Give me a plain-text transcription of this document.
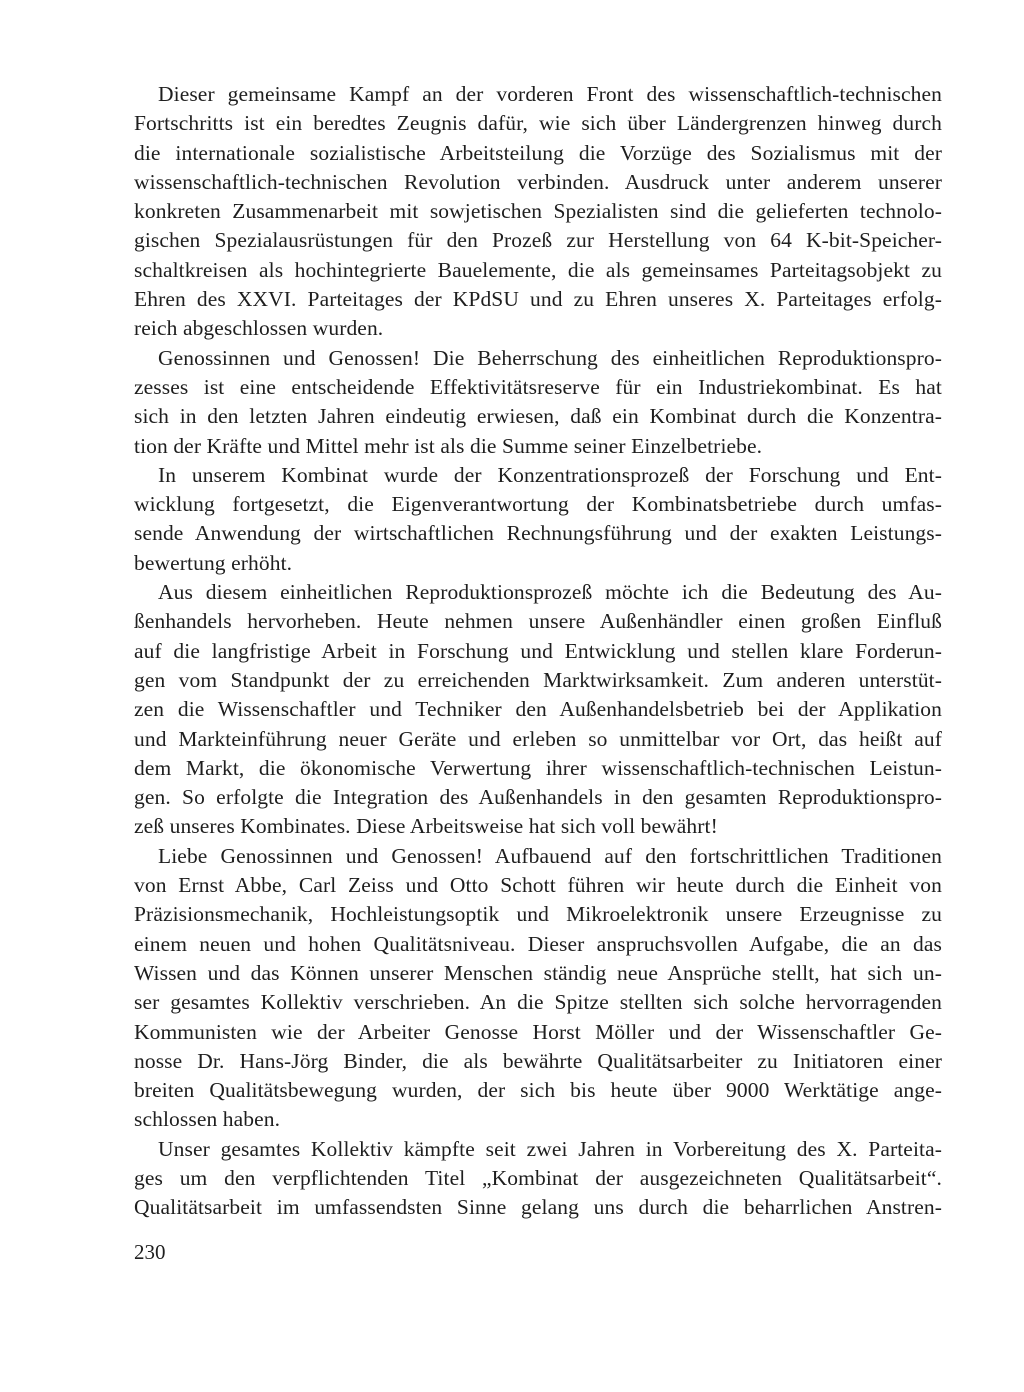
Dieser gemeinsame Kampf an der vorderen Front des wissenschaftlich-technischen
Fortschritts ist ein beredtes Zeugnis dafür, wie sich über Ländergrenzen hinweg durch
die internationale sozialistische Arbeitsteilung die Vorzüge des Sozialismus mit der
wissenschaftlich-technischen Revolution verbinden. Ausdruck unter anderem unserer
konkreten Zusammenarbeit mit sowjetischen Spezialisten sind die gelieferten technolo-
gischen Spezialausrüstungen für den Prozeß zur Herstellung von 64 K-bit-Speicher-
schaltkreisen als hochintegrierte Bauelemente, die als gemeinsames Parteitagsobjekt zu
Ehren des XXVI. Parteitages der KPdSU und zu Ehren unseres X. Parteitages erfolg-
reich abgeschlossen wurden.

Genossinnen und Genossen! Die Beherrschung des einheitlichen Reproduktionspro-
zesses ist eine entscheidende Effektivitätsreserve für ein Industriekombinat. Es hat
sich in den letzten Jahren eindeutig erwiesen, daß ein Kombinat durch die Konzentra-
tion der Kräfte und Mittel mehr ist als die Summe seiner Einzelbetriebe.

In unserem Kombinat wurde der Konzentrationsprozeß der Forschung und Ent-
wicklung fortgesetzt, die Eigenverantwortung der Kombinatsbetriebe durch umfas-
sende Anwendung der wirtschaftlichen Rechnungsführung und der exakten Leistungs-
bewertung erhöht.

Aus diesem einheitlichen Reproduktionsprozeß möchte ich die Bedeutung des Au-
ßenhandels hervorheben. Heute nehmen unsere Außenhändler einen großen Einfluß
auf die langfristige Arbeit in Forschung und Entwicklung und stellen klare Forderun-
gen vom Standpunkt der zu erreichenden Marktwirksamkeit. Zum anderen unterstüt-
zen die Wissenschaftler und Techniker den Außenhandelsbetrieb bei der Applikation
und Markteinführung neuer Geräte und erleben so unmittelbar vor Ort, das heißt auf
dem Markt, die ökonomische Verwertung ihrer wissenschaftlich-technischen Leistun-
gen. So erfolgte die Integration des Außenhandels in den gesamten Reproduktionspro-
zeß unseres Kombinates. Diese Arbeitsweise hat sich voll bewährt!

Liebe Genossinnen und Genossen! Aufbauend auf den fortschrittlichen Traditionen
von Ernst Abbe, Carl Zeiss und Otto Schott führen wir heute durch die Einheit von
Präzisionsmechanik, Hochleistungsoptik und Mikroelektronik unsere Erzeugnisse zu
einem neuen und hohen Qualitätsniveau. Dieser anspruchsvollen Aufgabe, die an das
Wissen und das Können unserer Menschen ständig neue Ansprüche stellt, hat sich un-
ser gesamtes Kollektiv verschrieben. An die Spitze stellten sich solche hervorragenden
Kommunisten wie der Arbeiter Genosse Horst Möller und der Wissenschaftler Ge-
nosse Dr. Hans-Jörg Binder, die als bewährte Qualitätsarbeiter zu Initiatoren einer
breiten Qualitätsbewegung wurden, der sich bis heute über 9000 Werktätige ange-
schlossen haben.

Unser gesamtes Kollektiv kämpfte seit zwei Jahren in Vorbereitung des X. Parteita-
ges um den verpflichtenden Titel „Kombinat der ausgezeichneten Qualitätsarbeit“.
Qualitätsarbeit im umfassendsten Sinne gelang uns durch die beharrlichen Anstren-

230
